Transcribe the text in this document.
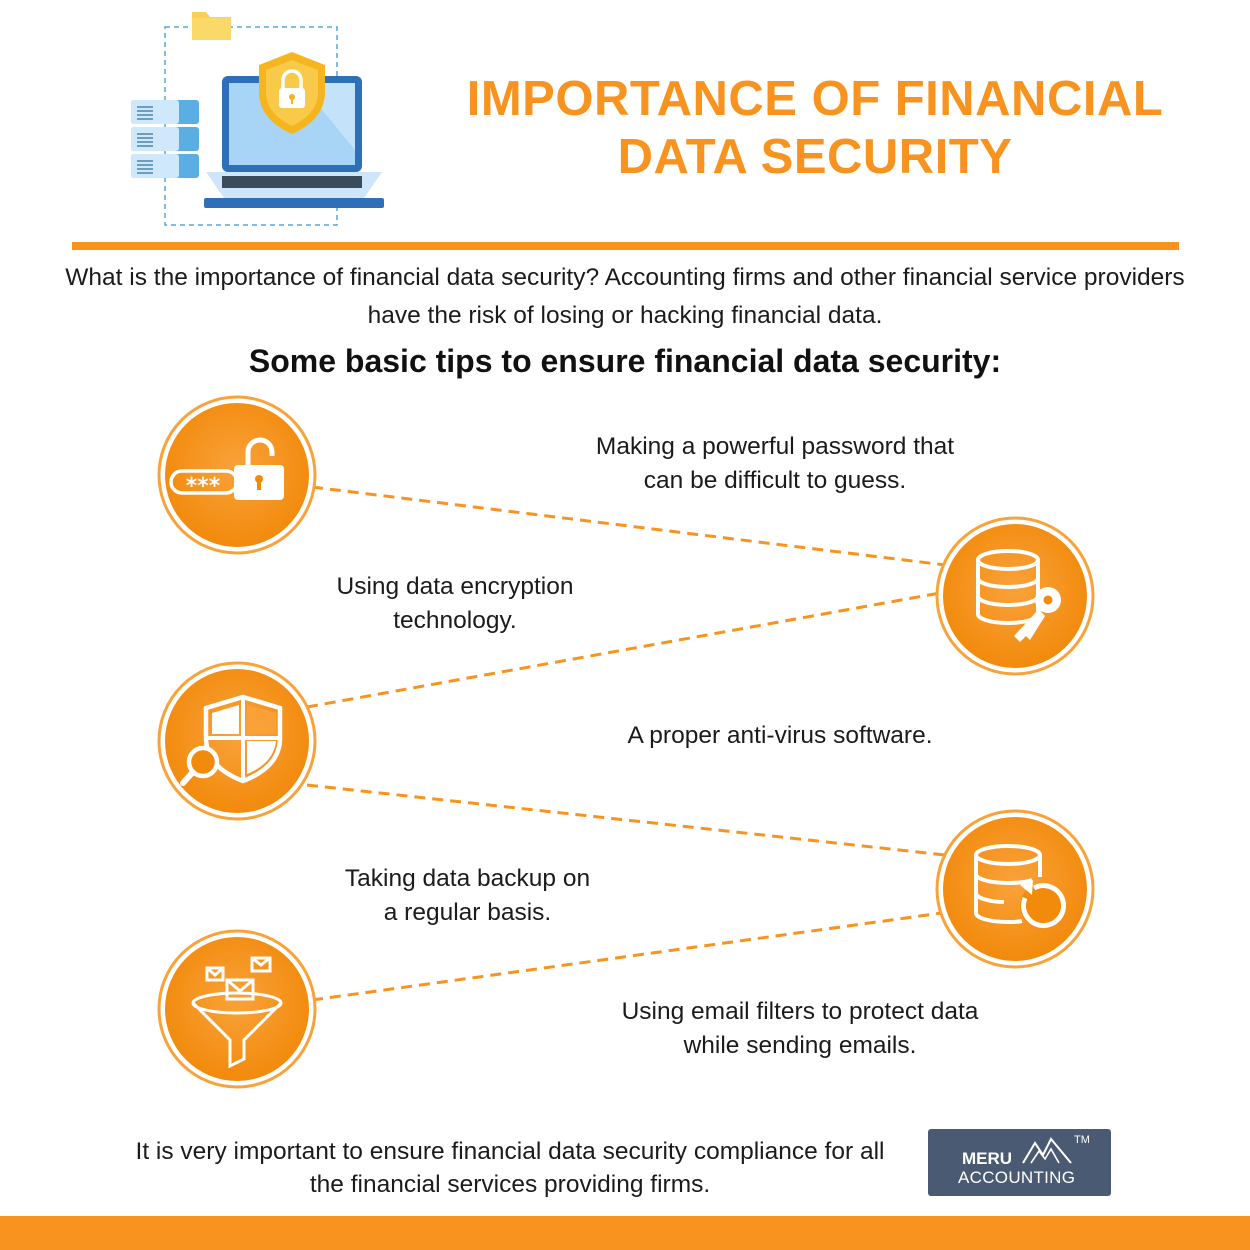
IMPORTANCE OF FINANCIAL DATA SECURITY
What is the importance of financial data security? Accounting firms and other financial service providers have the risk of losing or hacking financial data.
Some basic tips to ensure financial data security:
***
Making a powerful password that can be difficult to guess.
Using data encryption technology.
A proper anti-virus software.
Taking data backup on a regular basis.
Using email filters to protect data while sending emails.
It is very important to ensure financial data security compliance for all the financial services providing firms.
MERU
ACCOUNTING
TM
